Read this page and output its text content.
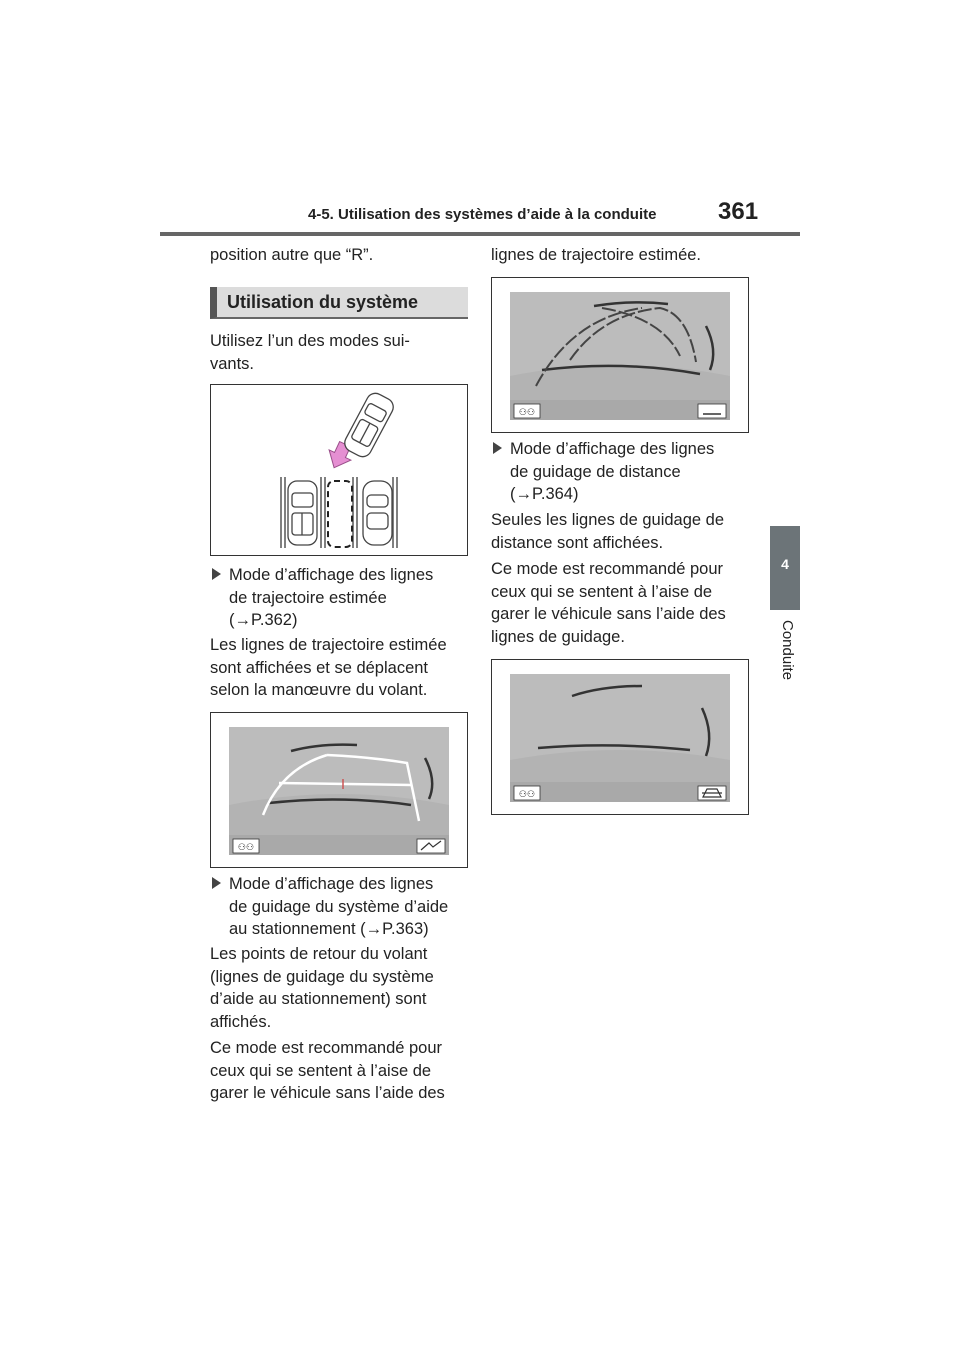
4-5. Utilisation des systèmes d’aide à la conduite	361
4
Conduite
position autre que “R”.
Utilisation du système
Utilisez l’un des modes sui-
vants.
Mode d’affichage des lignes
de trajectoire estimée
(→P.362)
Les lignes de trajectoire estimée
sont affichées et se déplacent
selon la manœuvre du volant.
⚇⚇
Mode d’affichage des lignes
de guidage du système d’aide
au stationnement (→P.363)
Les points de retour du volant
(lignes de guidage du système
d’aide au stationnement) sont
affichés.
Ce mode est recommandé pour
ceux qui se sentent à l’aise de
garer le véhicule sans l’aide des
lignes de trajectoire estimée.
⚇⚇
Mode d’affichage des lignes
de guidage de distance
(→P.364)
Seules les lignes de guidage de
distance sont affichées.
Ce mode est recommandé pour
ceux qui se sentent à l’aise de
garer le véhicule sans l’aide des
lignes de guidage.
⚇⚇
